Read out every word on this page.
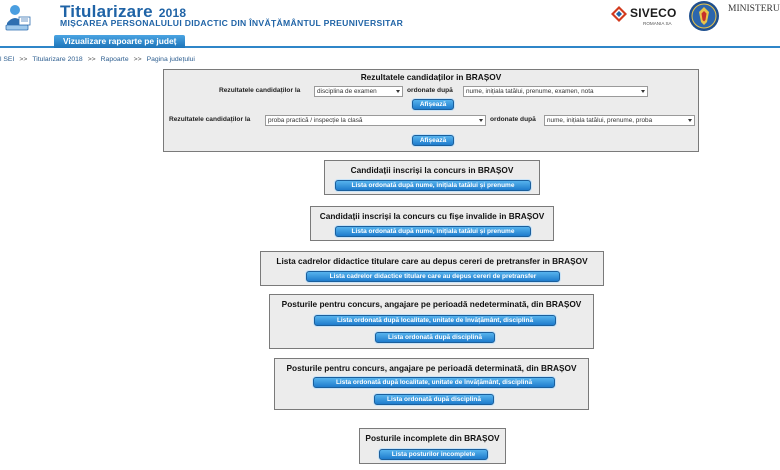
Titularizare 2018
MIȘCAREA PERSONALULUI DIDACTIC DIN ÎNVĂȚĂMÂNTUL PREUNIVERSITAR
SIVECO
ROMANIA SA
MINISTERU
Vizualizare rapoarte pe județ
l SEI >> Titularizare 2018 >> Rapoarte >> Pagina județului
Rezultatele candidaților in BRAȘOV
Rezultatele candidaților la	disciplina de examen	ordonate după	nume, inițiala tatălui, prenume, examen, nota
Afișează
Rezultatele candidaților la	proba practică / inspecție la clasă	ordonate după	nume, inițiala tatălui, prenume, proba
Afișează
Candidații inscriși la concurs in BRAȘOV
Lista ordonată după nume, inițiala tatălui și prenume
Candidații inscriși la concurs cu fișe invalide in BRAȘOV
Lista ordonată după nume, inițiala tatălui și prenume
Lista cadrelor didactice titulare care au depus cereri de pretransfer in BRAȘOV
Lista cadrelor didactice titulare care au depus cereri de pretransfer
Posturile pentru concurs, angajare pe perioadă nedeterminată, din BRAȘOV
Lista ordonată după localitate, unitate de învățământ, disciplină
Lista ordonată după disciplină
Posturile pentru concurs, angajare pe perioadă determinată, din BRAȘOV
Lista ordonată după localitate, unitate de învățământ, disciplină
Lista ordonată după disciplină
Posturile incomplete din BRAȘOV
Lista posturilor incomplete
